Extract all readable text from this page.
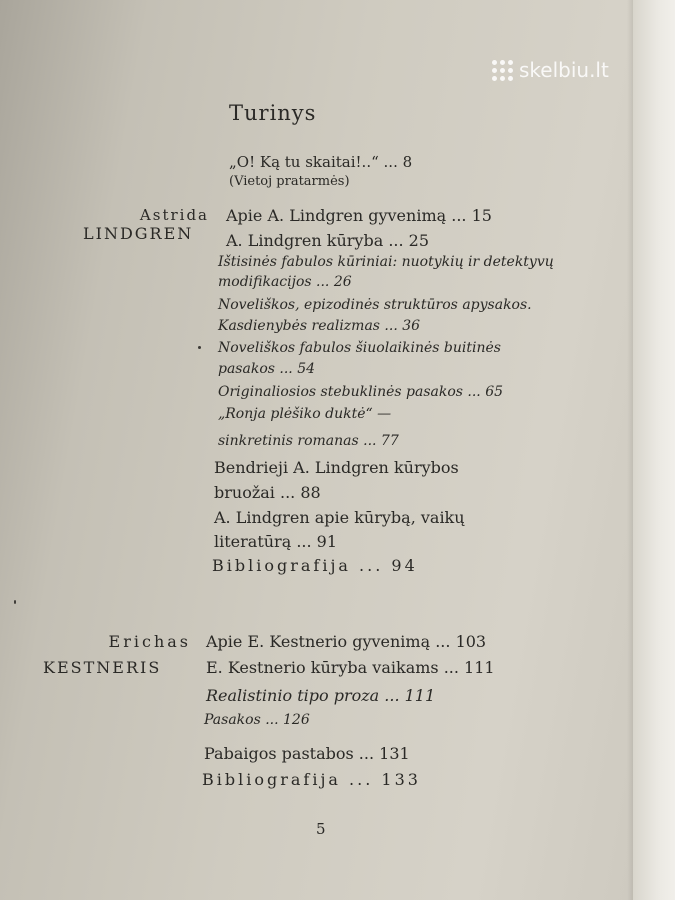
skelbiu.lt
Turinys
„O! Ką tu skaitai!..“ ... 8
(Vietoj pratarmės)
Astrida
LINDGREN
Apie A. Lindgren gyvenimą ... 15
A. Lindgren kūryba ... 25
Ištisinės fabulos kūriniai: nuotykių ir detektyvų
modifikacijos ... 26
Noveliškos, epizodinės struktūros apysakos.
Kasdienybės realizmas ... 36
Noveliškos fabulos šiuolaikinės buitinės
pasakos ... 54
Originaliosios stebuklinės pasakos ... 65
„Ronja plėšiko duktė“ —
sinkretinis romanas ... 77
Bendrieji A. Lindgren kūrybos
bruožai ... 88
A. Lindgren apie kūrybą, vaikų
literatūrą ... 91
Bibliografija ... 94
Erichas
KESTNERIS
Apie E. Kestnerio gyvenimą ... 103
E. Kestnerio kūryba vaikams ... 111
Realistinio tipo proza ... 111
Pasakos ... 126
Pabaigos pastabos ... 131
Bibliografija ... 133
5
